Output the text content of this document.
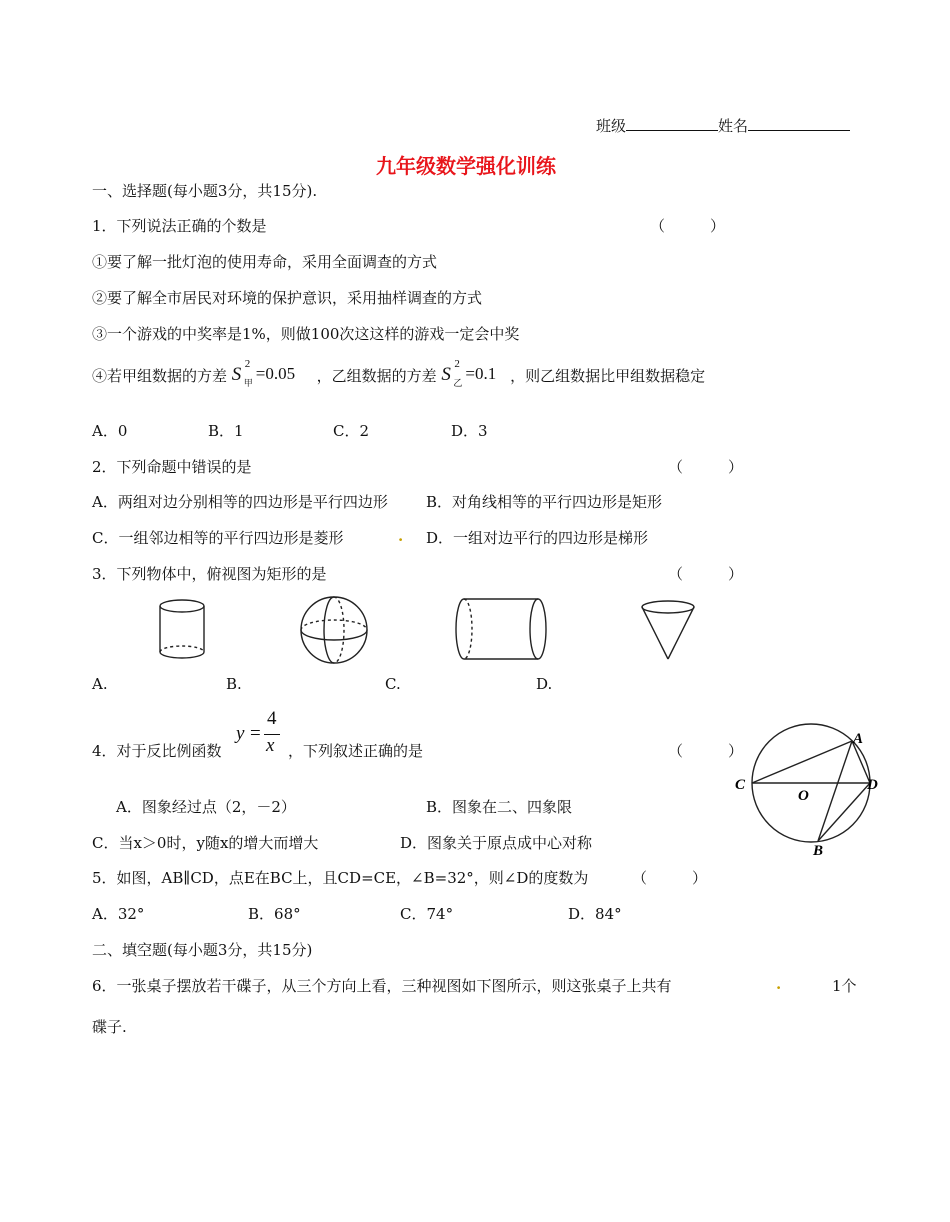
班级	姓名
九年级数学强化训练
一、选择题(每小题3分，共15分).
1．下列说法正确的个数是	（　　　）
①要了解一批灯泡的使用寿命，采用全面调查的方式
②要了解全市居民对环境的保护意识，采用抽样调查的方式
③一个游戏的中奖率是1%，则做100次这这样的游戏一定会中奖
④若甲组数据的方差 S 2
甲
=0.05 ，乙组数据的方差 S 2
乙
=0.1 ，则乙组数据比甲组数据稳定
A．0	B．1	C．2	D．3
2．下列命题中错误的是	（　　　）
A．两组对边分别相等的四边形是平行四边形	B．对角线相等的平行四边形是矩形
C．一组邻边相等的平行四边形是菱形	. D．一组对边平行的四边形是梯形
3．下列物体中，俯视图为矩形的是	（　　　）
A.	B.	C.	D.
4．对于反比例函数
y =
4
x ，下列叙述正确的是	（　　　）
A．图象经过点（2，－2）	B．图象在二、四象限
C．当x＞0时，y随x的增大而增大	D．图象关于原点成中心对称
A
C	D
O
B
5．如图，AB∥CD，点E在BC上，且CD=CE，∠B=32°，则∠D的度数为	（　　　）
A．32°	B．68°	C．74°	D．84°
二、填空题(每小题3分，共15分)
6．一张桌子摆放若干碟子，从三个方向上看，三种视图如下图所示，则这张桌子上共有	.	1个
碟子.
